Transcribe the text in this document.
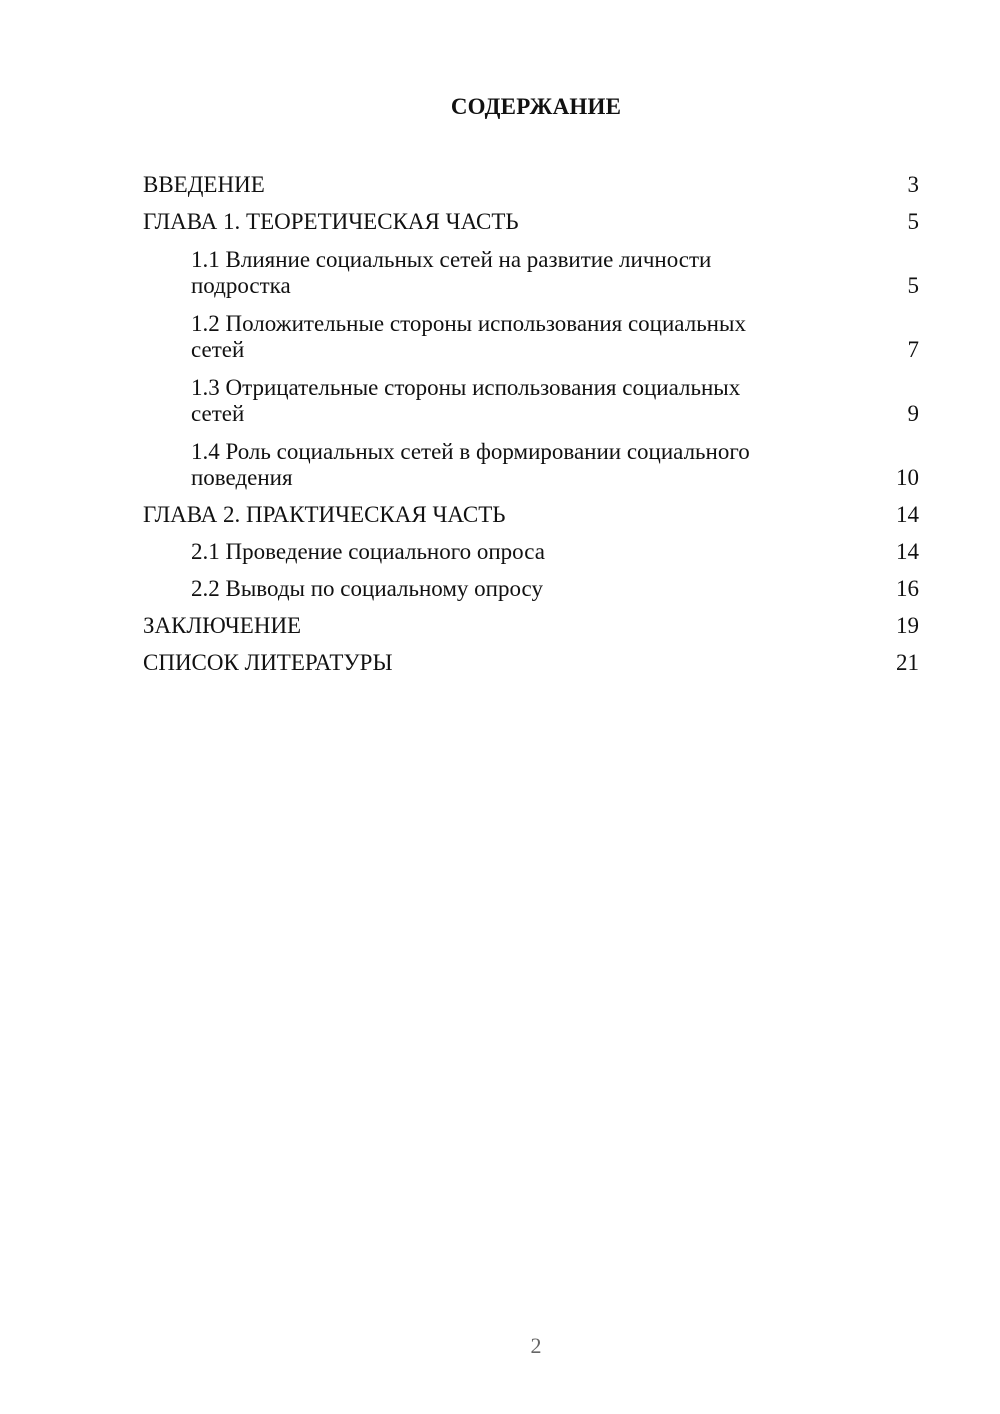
СОДЕРЖАНИЕ
ВВЕДЕНИЕ	3
ГЛАВА 1. ТЕОРЕТИЧЕСКАЯ ЧАСТЬ	5
1.1 Влияние социальных сетей на развитие личности подростка	5
1.2 Положительные стороны использования социальных сетей	7
1.3 Отрицательные стороны использования социальных сетей	9
1.4 Роль социальных сетей в формировании социального поведения	10
ГЛАВА 2. ПРАКТИЧЕСКАЯ ЧАСТЬ	14
2.1 Проведение социального опроса	14
2.2 Выводы по социальному опросу	16
ЗАКЛЮЧЕНИЕ	19
СПИСОК ЛИТЕРАТУРЫ	21
2
